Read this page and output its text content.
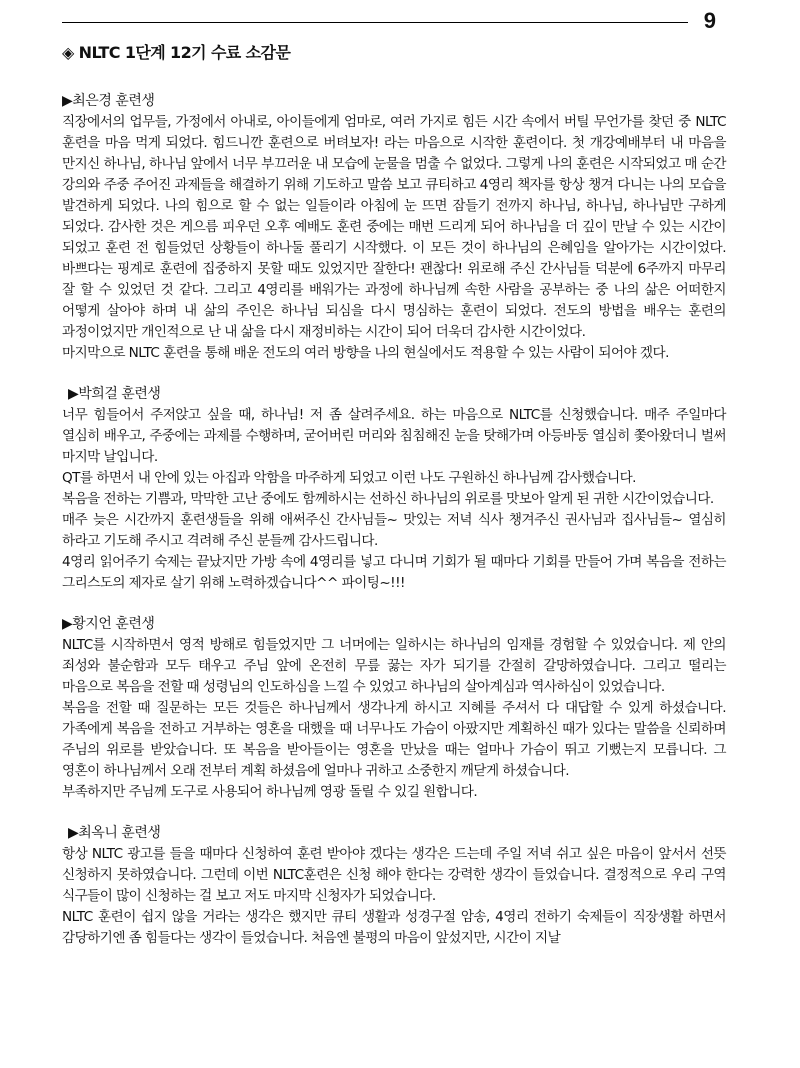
9
◈ NLTC 1단계 12기 수료 소감문
▶최은경 훈련생

직장에서의 업무들, 가정에서 아내로, 아이들에게 엄마로, 여러 가지로 힘든 시간 속에서 버틸 무언가를 찾던 중 NLTC 훈련을 마음 먹게 되었다. 힘드니깐 훈련으로 버텨보자! 라는 마음으로 시작한 훈련이다. 첫 개강예배부터 내 마음을 만지신 하나님, 하나님 앞에서 너무 부끄러운 내 모습에 눈물을 멈출 수 없었다. 그렇게 나의 훈련은 시작되었고 매 순간 강의와 주중 주어진 과제들을 해결하기 위해 기도하고 말씀 보고 큐티하고 4영리 책자를 항상 챙겨 다니는 나의 모습을 발견하게 되었다. 나의 힘으로 할 수 없는 일들이라 아침에 눈 뜨면 잠들기 전까지 하나님, 하나님, 하나님만 구하게 되었다. 감사한 것은 게으름 피우던 오후 예배도 훈련 중에는 매번 드리게 되어 하나님을 더 깊이 만날 수 있는 시간이 되었고 훈련 전 힘들었던 상황들이 하나둘 풀리기 시작했다. 이 모든 것이 하나님의 은혜임을 알아가는 시간이었다. 바쁘다는 핑계로 훈련에 집중하지 못할 때도 있었지만 잘한다! 괜찮다! 위로해 주신 간사님들 덕분에 6주까지 마무리 잘 할 수 있었던 것 같다. 그리고 4영리를 배워가는 과정에 하나님께 속한 사람을 공부하는 중 나의 삶은 어떠한지 어떻게 살아야 하며 내 삶의 주인은 하나님 되심을 다시 명심하는 훈련이 되었다. 전도의 방법을 배우는 훈련의 과정이었지만 개인적으로 난 내 삶을 다시 재정비하는 시간이 되어 더욱더 감사한 시간이었다.

마지막으로 NLTC 훈련을 통해 배운 전도의 여러 방향을 나의 현실에서도 적용할 수 있는 사람이 되어야 겠다.

▶박희걸 훈련생

너무 힘들어서 주저앉고 싶을 때, 하나님! 저 좀 살려주세요. 하는 마음으로 NLTC를 신청했습니다. 매주 주일마다 열심히 배우고, 주중에는 과제를 수행하며, 굳어버린 머리와 침침해진 눈을 탓해가며 아등바둥 열심히 쫓아왔더니 벌써 마지막 날입니다.

QT를 하면서 내 안에 있는 아집과 악함을 마주하게 되었고 이런 나도 구원하신 하나님께 감사했습니다.

복음을 전하는 기쁨과, 막막한 고난 중에도 함께하시는 선하신 하나님의 위로를 맛보아 알게 된 귀한 시간이었습니다.

매주 늦은 시간까지 훈련생들을 위해 애써주신 간사님들~ 맛있는 저녁 식사 챙겨주신 권사님과 집사님들~ 열심히 하라고 기도해 주시고 격려해 주신 분들께 감사드립니다.

4영리 읽어주기 숙제는 끝났지만 가방 속에 4영리를 넣고 다니며 기회가 될 때마다 기회를 만들어 가며 복음을 전하는 그리스도의 제자로 살기 위해 노력하겠습니다^^ 파이팅~!!!

▶황지언 훈련생

NLTC를 시작하면서 영적 방해로 힘들었지만 그 너머에는 일하시는 하나님의 임재를 경험할 수 있었습니다. 제 안의 죄성와 불순함과 모두 태우고 주님 앞에 온전히 무릎 꿇는 자가 되기를 간절히 갈망하였습니다. 그리고 떨리는 마음으로 복음을 전할 때 성령님의 인도하심을 느낄 수 있었고 하나님의 살아계심과 역사하심이 있었습니다.

복음을 전할 때 질문하는 모든 것들은 하나님께서 생각나게 하시고 지혜를 주셔서 다 대답할 수 있게 하셨습니다. 가족에게 복음을 전하고 거부하는 영혼을 대했을 때 너무나도 가슴이 아팠지만 계획하신 때가 있다는 말씀을 신뢰하며 주님의 위로를 받았습니다. 또 복음을 받아들이는 영혼을 만났을 때는 얼마나 가슴이 뛰고 기뻤는지 모릅니다. 그 영혼이 하나님께서 오래 전부터 계획 하셨음에 얼마나 귀하고 소중한지 깨닫게 하셨습니다.

부족하지만 주님께 도구로 사용되어 하나님께 영광 돌릴 수 있길 원합니다.

▶최옥니 훈련생

항상 NLTC 광고를 들을 때마다 신청하여 훈련 받아야 겠다는 생각은 드는데 주일 저녁 쉬고 싶은 마음이 앞서서 선뜻 신청하지 못하였습니다. 그런데 이번 NLTC훈련은 신청 해야 한다는 강력한 생각이 들었습니다. 결정적으로 우리 구역 식구들이 많이 신청하는 걸 보고 저도 마지막 신청자가 되었습니다.

NLTC 훈련이 쉽지 않을 거라는 생각은 했지만 큐티 생활과 성경구절 암송, 4영리 전하기 숙제들이 직장생활 하면서 감당하기엔 좀 힘들다는 생각이 들었습니다. 처음엔 불평의 마음이 앞섰지만, 시간이 지날
